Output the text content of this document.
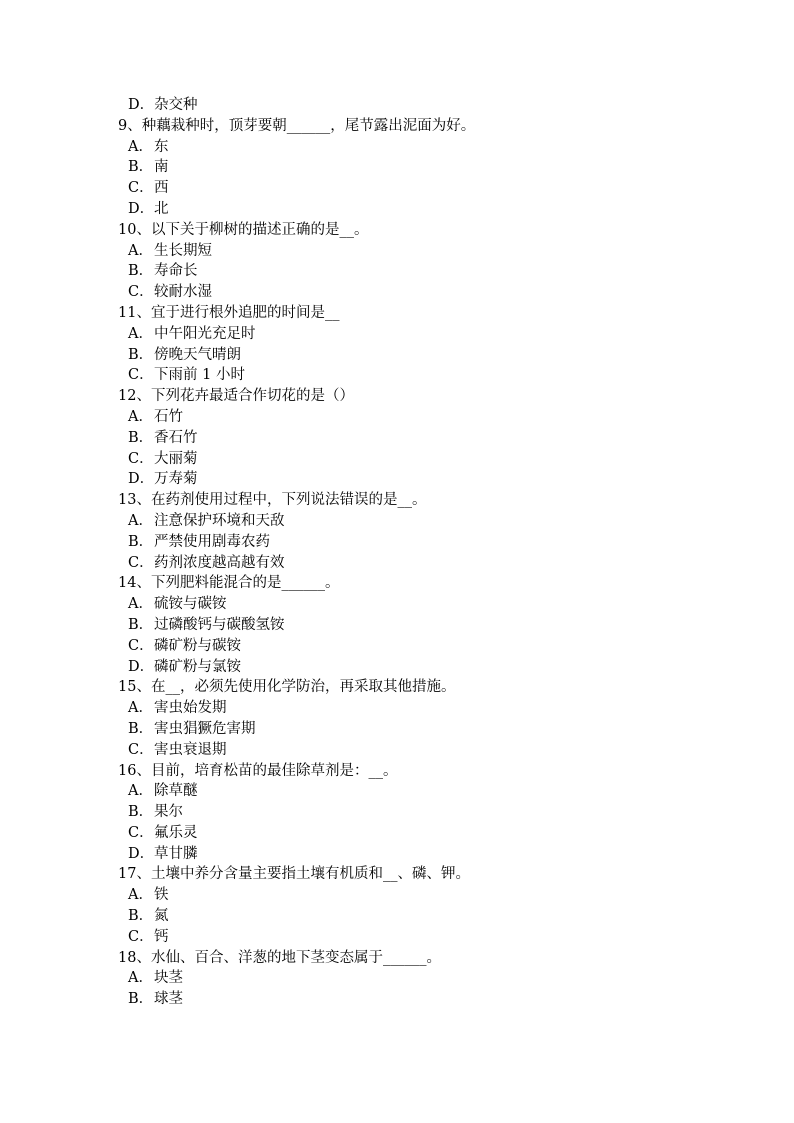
D．杂交种
9、种藕栽种时，顶芽要朝______，尾节露出泥面为好。
A．东
B．南
C．西
D．北
10、以下关于柳树的描述正确的是__。
A．生长期短
B．寿命长
C．较耐水湿
11、宜于进行根外追肥的时间是__
A．中午阳光充足时
B．傍晚天气晴朗
C．下雨前 1 小时
12、下列花卉最适合作切花的是（）
A．石竹
B．香石竹
C．大丽菊
D．万寿菊
13、在药剂使用过程中，下列说法错误的是__。
A．注意保护环境和天敌
B．严禁使用剧毒农药
C．药剂浓度越高越有效
14、下列肥料能混合的是______。
A．硫铵与碳铵
B．过磷酸钙与碳酸氢铵
C．磷矿粉与碳铵
D．磷矿粉与氯铵
15、在__，必须先使用化学防治，再采取其他措施。
A．害虫始发期
B．害虫猖獗危害期
C．害虫衰退期
16、目前，培育松苗的最佳除草剂是：__。
A．除草醚
B．果尔
C．氟乐灵
D．草甘膦
17、土壤中养分含量主要指土壤有机质和__、磷、钾。
A．铁
B．氮
C．钙
18、水仙、百合、洋葱的地下茎变态属于______。
A．块茎
B．球茎
